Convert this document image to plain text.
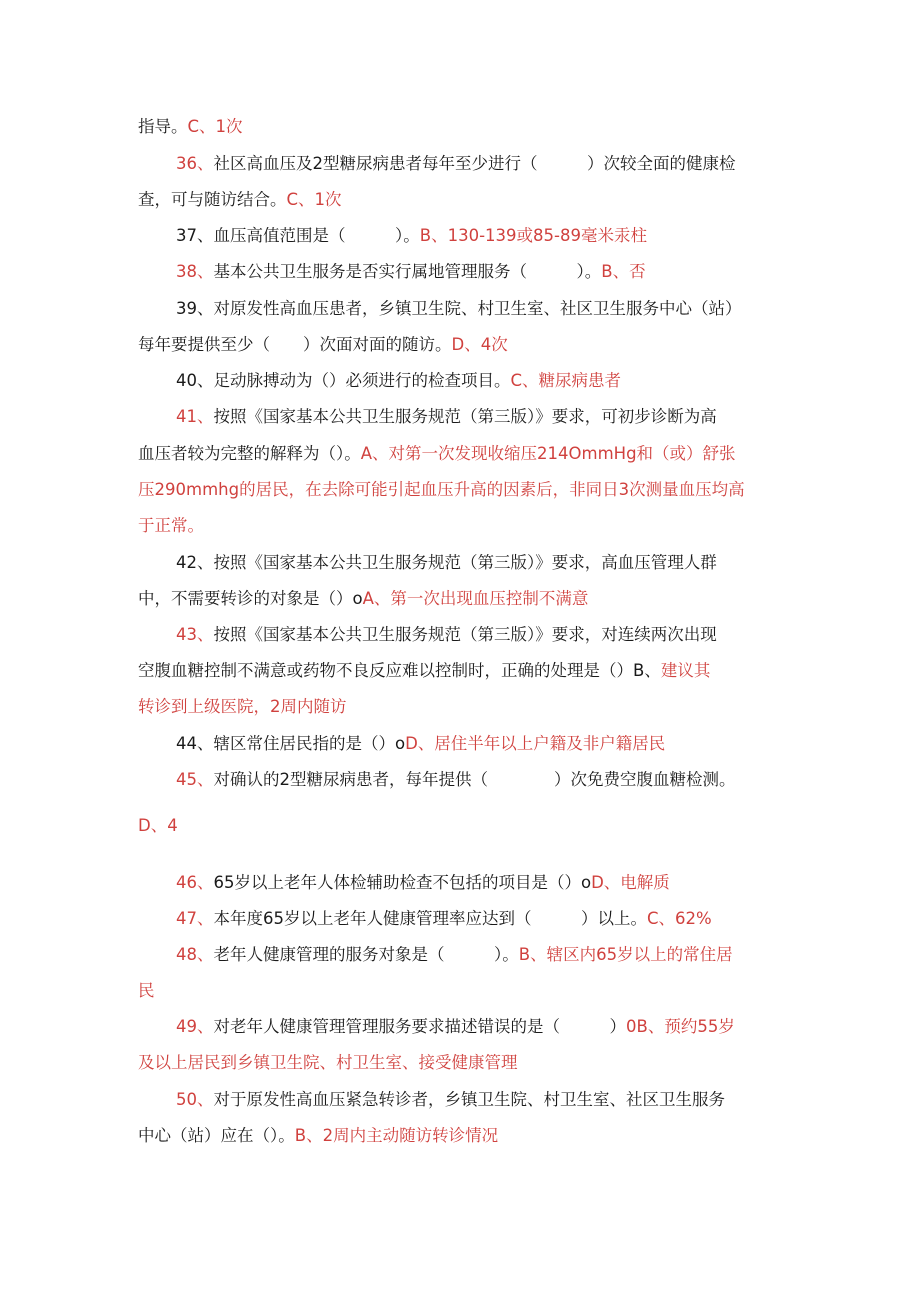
指导。C、1次
36、社区高血压及2型糖尿病患者每年至少进行（　　　）次较全面的健康检
查，可与随访结合。C、1次
37、血压高值范围是（　　　）。B、130-139或85-89毫米汞柱
38、基本公共卫生服务是否实行属地管理服务（　　　）。B、否
39、对原发性高血压患者，乡镇卫生院、村卫生室、社区卫生服务中心（站）
每年要提供至少（　　）次面对面的随访。D、4次
40、足动脉搏动为（）必须进行的检查项目。C、糖尿病患者
41、按照《国家基本公共卫生服务规范（第三版）》要求，可初步诊断为高
血压者较为完整的解释为（）。A、对第一次发现收缩压214OmmHg和（或）舒张
压290mmhg的居民，在去除可能引起血压升高的因素后，非同日3次测量血压均高
于正常。
42、按照《国家基本公共卫生服务规范（第三版）》要求，高血压管理人群
中，不需要转诊的对象是（）oA、第一次出现血压控制不满意
43、按照《国家基本公共卫生服务规范（第三版）》要求，对连续两次出现
空腹血糖控制不满意或药物不良反应难以控制时，正确的处理是（）B、建议其
转诊到上级医院，2周内随访
44、辖区常住居民指的是（）oD、居住半年以上户籍及非户籍居民
45、对确认的2型糖尿病患者，每年提供（　　　　）次免费空腹血糖检测。
D、4
46、65岁以上老年人体检辅助检查不包括的项目是（）oD、电解质
47、本年度65岁以上老年人健康管理率应达到（　　　）以上。C、62%
48、老年人健康管理的服务对象是（　　　）。B、辖区内65岁以上的常住居
民
49、对老年人健康管理管理服务要求描述错误的是（　　　）0B、预约55岁
及以上居民到乡镇卫生院、村卫生室、接受健康管理
50、对于原发性高血压紧急转诊者，乡镇卫生院、村卫生室、社区卫生服务
中心（站）应在（）。B、2周内主动随访转诊情况
